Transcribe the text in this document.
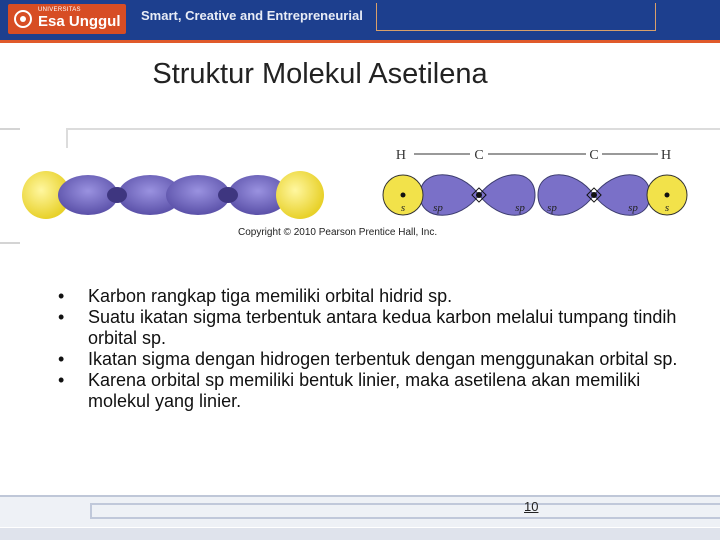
UNIVERSITAS
Esa Unggul Smart, Creative and Entrepreneurial
Struktur Molekul Asetilena
H	C	C	H
s	sp	sp sp	sp s
Copyright © 2010 Pearson Prentice Hall, Inc.
• Karbon rangkap tiga memiliki orbital hidrid sp.
• Suatu ikatan sigma terbentuk antara kedua karbon melalui tumpang tindih orbital sp.
• Ikatan sigma dengan hidrogen terbentuk dengan menggunakan orbital sp.
• Karena orbital sp memiliki bentuk linier, maka asetilena akan memiliki molekul yang linier.
10
